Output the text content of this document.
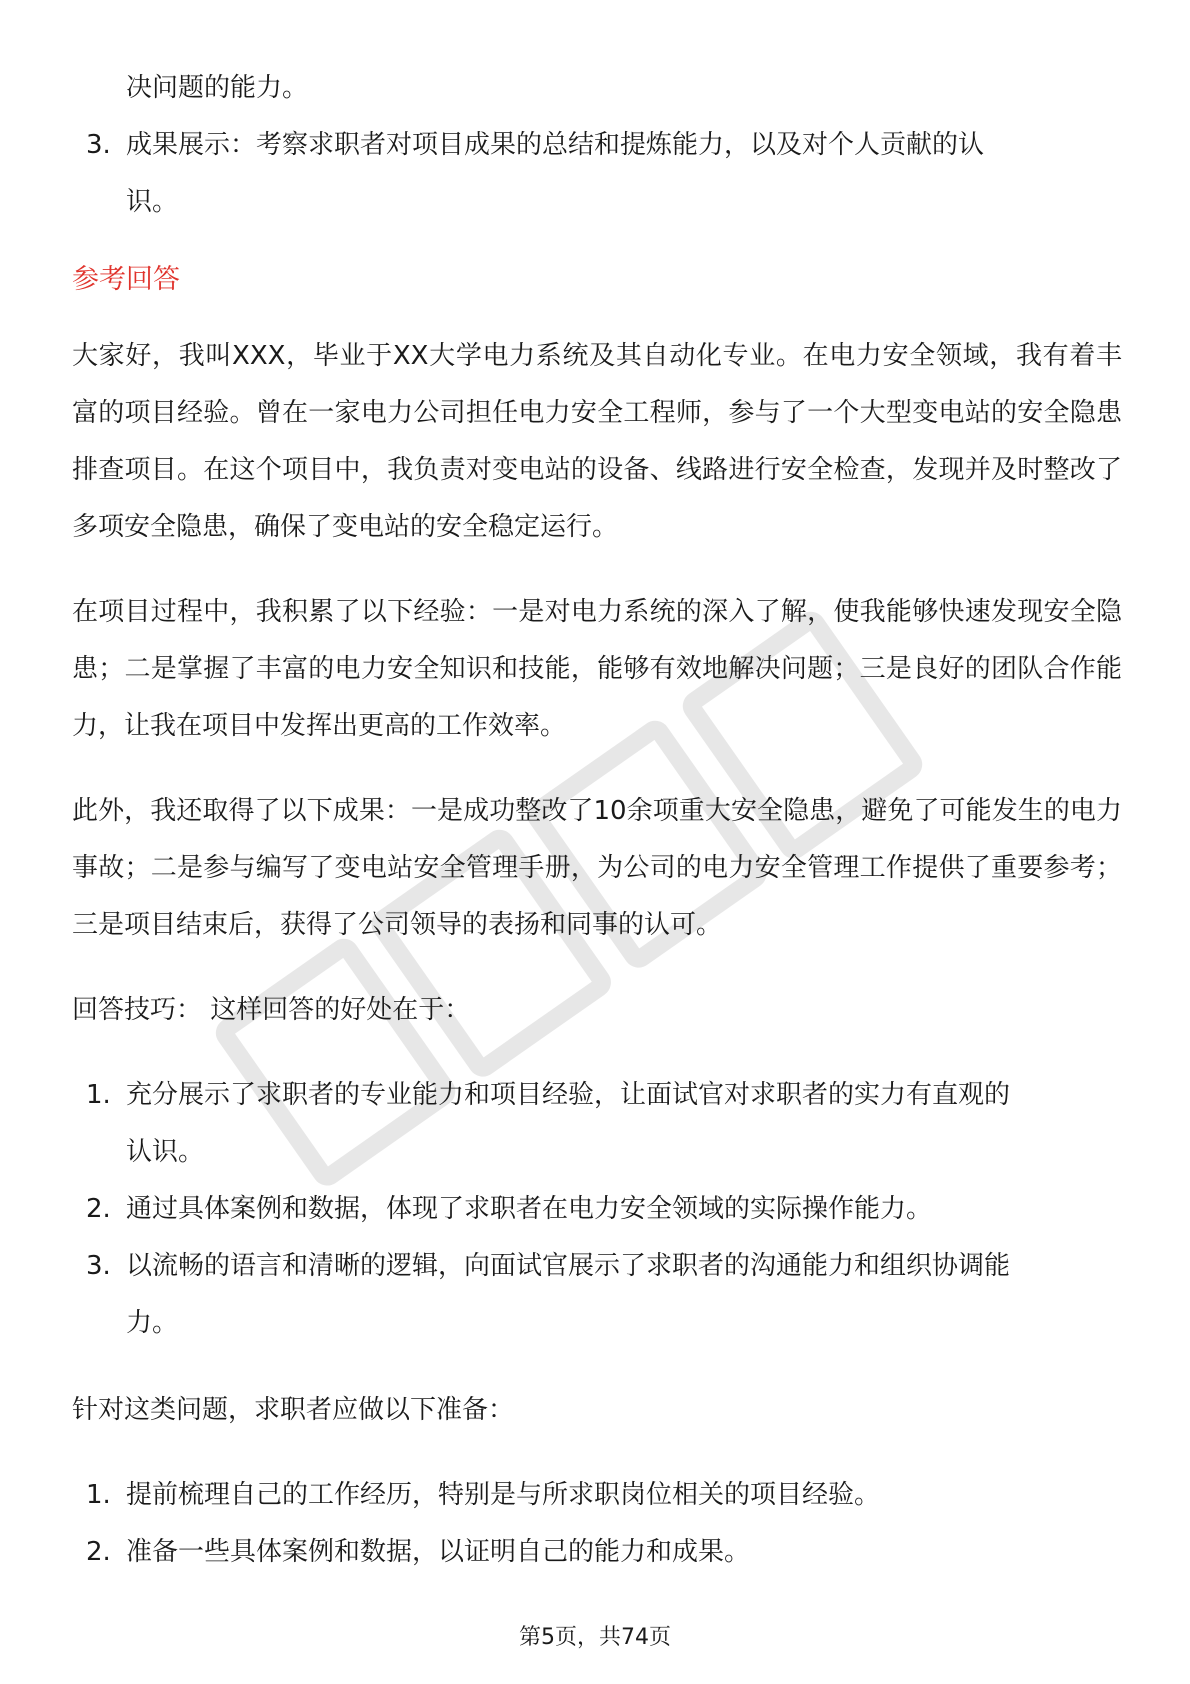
决问题的能力。
3. 成果展示：考察求职者对项目成果的总结和提炼能力，以及对个人贡献的认
识。
参考回答

大家好，我叫XXX，毕业于XX大学电力系统及其自动化专业。在电力安全领域，我有着丰富的项目经验。曾在一家电力公司担任电力安全工程师，参与了一个大型变电站的安全隐患排查项目。在这个项目中，我负责对变电站的设备、线路进行安全检查，发现并及时整改了多项安全隐患，确保了变电站的安全稳定运行。

在项目过程中，我积累了以下经验：一是对电力系统的深入了解，使我能够快速发现安全隐患；二是掌握了丰富的电力安全知识和技能，能够有效地解决问题；三是良好的团队合作能力，让我在项目中发挥出更高的工作效率。

此外，我还取得了以下成果：一是成功整改了10余项重大安全隐患，避免了可能发生的电力事故；二是参与编写了变电站安全管理手册，为公司的电力安全管理工作提供了重要参考；三是项目结束后，获得了公司领导的表扬和同事的认可。

回答技巧： 这样回答的好处在于：

1. 充分展示了求职者的专业能力和项目经验，让面试官对求职者的实力有直观的
认识。
2. 通过具体案例和数据，体现了求职者在电力安全领域的实际操作能力。
3. 以流畅的语言和清晰的逻辑，向面试官展示了求职者的沟通能力和组织协调能
力。

针对这类问题，求职者应做以下准备：

1. 提前梳理自己的工作经历，特别是与所求职岗位相关的项目经验。
2. 准备一些具体案例和数据，以证明自己的能力和成果。
第5页，共74页
